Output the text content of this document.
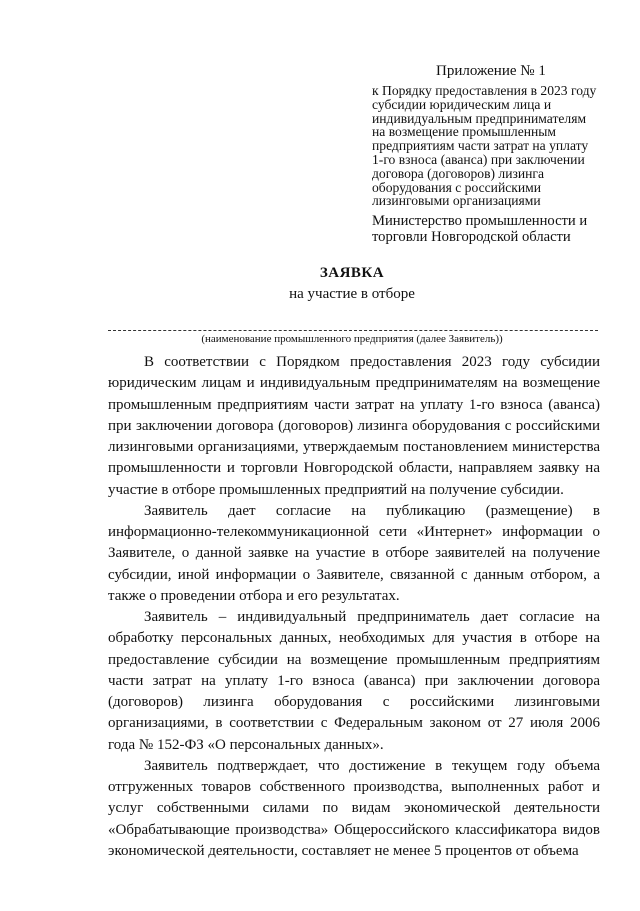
Приложение № 1

к Порядку предоставления в 2023 году субсидии юридическим лица и индивидуальным предпринимателям на возмещение промышленным предприятиям части затрат на уплату 1-го взноса (аванса) при заключении договора (договоров) лизинга оборудования с российскими лизинговыми организациями

Министерство промышленности и торговли Новгородской области

ЗАЯВКА
на участие в отборе
(наименование промышленного предприятия (далее Заявитель))

В соответствии с Порядком предоставления 2023 году субсидии юридическим лицам и индивидуальным предпринимателям на возмещение промышленным предприятиям части затрат на уплату 1-го взноса (аванса) при заключении договора (договоров) лизинга оборудования с российскими лизинговыми организациями, утверждаемым постановлением министерства промышленности и торговли Новгородской области, направляем заявку на участие в отборе промышленных предприятий на получение субсидии.

Заявитель дает согласие на публикацию (размещение) в информационно-телекоммуникационной сети «Интернет» информации о Заявителе, о данной заявке на участие в отборе заявителей на получение субсидии, иной информации о Заявителе, связанной с данным отбором, а также о проведении отбора и его результатах.

Заявитель – индивидуальный предприниматель дает согласие на обработку персональных данных, необходимых для участия в отборе на предоставление субсидии на возмещение промышленным предприятиям части затрат на уплату 1-го взноса (аванса) при заключении договора (договоров) лизинга оборудования с российскими лизинговыми организациями, в соответствии с Федеральным законом от 27 июля 2006 года № 152-ФЗ «О персональных данных».

Заявитель подтверждает, что достижение в текущем году объема отгруженных товаров собственного производства, выполненных работ и услуг собственными силами по видам экономической деятельности «Обрабатывающие производства» Общероссийского классификатора видов экономической деятельности, составляет не менее 5 процентов от объема
